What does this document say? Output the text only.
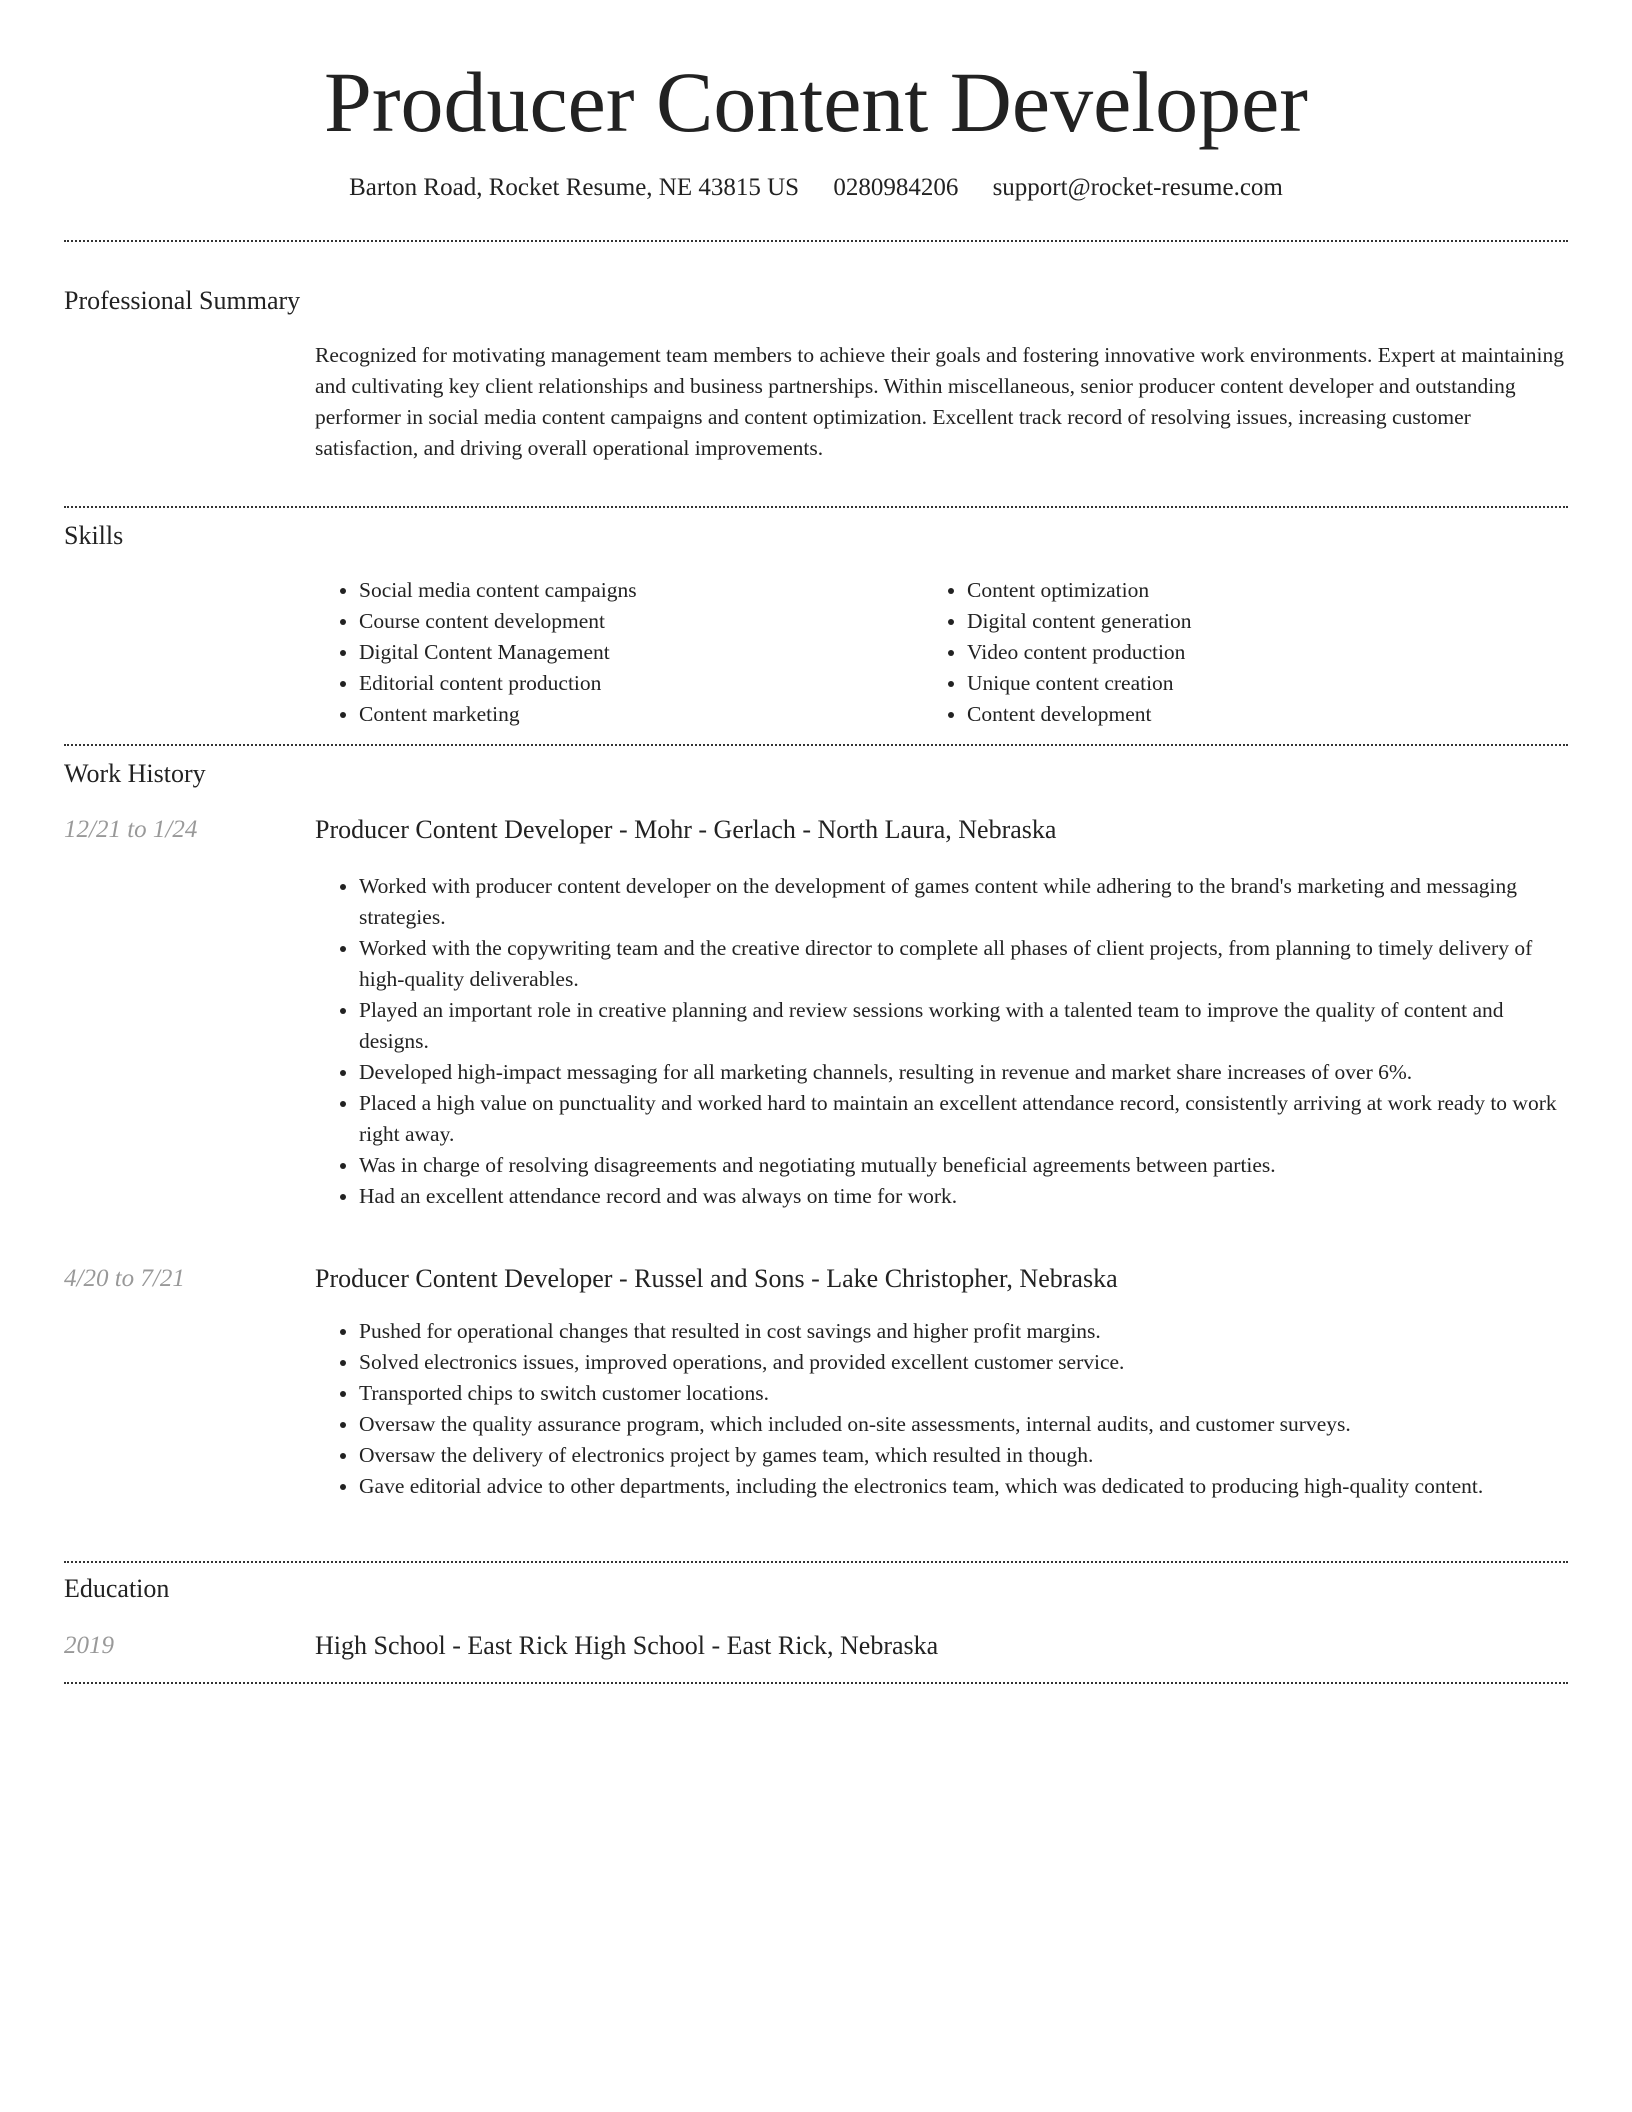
Producer Content Developer
Barton Road, Rocket Resume, NE 43815 US 0280984206 support@rocket-resume.com
Professional Summary
Recognized for motivating management team members to achieve their goals and fostering innovative work environments. Expert at maintaining and cultivating key client relationships and business partnerships. Within miscellaneous, senior producer content developer and outstanding performer in social media content campaigns and content optimization. Excellent track record of resolving issues, increasing customer satisfaction, and driving overall operational improvements.
Skills
• Social media content campaigns
• Course content development
• Digital Content Management
• Editorial content production
• Content marketing
• Content optimization
• Digital content generation
• Video content production
• Unique content creation
• Content development
Work History
12/21 to 1/24	Producer Content Developer - Mohr - Gerlach - North Laura, Nebraska
• Worked with producer content developer on the development of games content while adhering to the brand's marketing and messaging strategies.
• Worked with the copywriting team and the creative director to complete all phases of client projects, from planning to timely delivery of high-quality deliverables.
• Played an important role in creative planning and review sessions working with a talented team to improve the quality of content and designs.
• Developed high-impact messaging for all marketing channels, resulting in revenue and market share increases of over 6%.
• Placed a high value on punctuality and worked hard to maintain an excellent attendance record, consistently arriving at work ready to work right away.
• Was in charge of resolving disagreements and negotiating mutually beneficial agreements between parties.
• Had an excellent attendance record and was always on time for work.
4/20 to 7/21	Producer Content Developer - Russel and Sons - Lake Christopher, Nebraska
• Pushed for operational changes that resulted in cost savings and higher profit margins.
• Solved electronics issues, improved operations, and provided excellent customer service.
• Transported chips to switch customer locations.
• Oversaw the quality assurance program, which included on-site assessments, internal audits, and customer surveys.
• Oversaw the delivery of electronics project by games team, which resulted in though.
• Gave editorial advice to other departments, including the electronics team, which was dedicated to producing high-quality content.
Education
2019	High School - East Rick High School - East Rick, Nebraska
